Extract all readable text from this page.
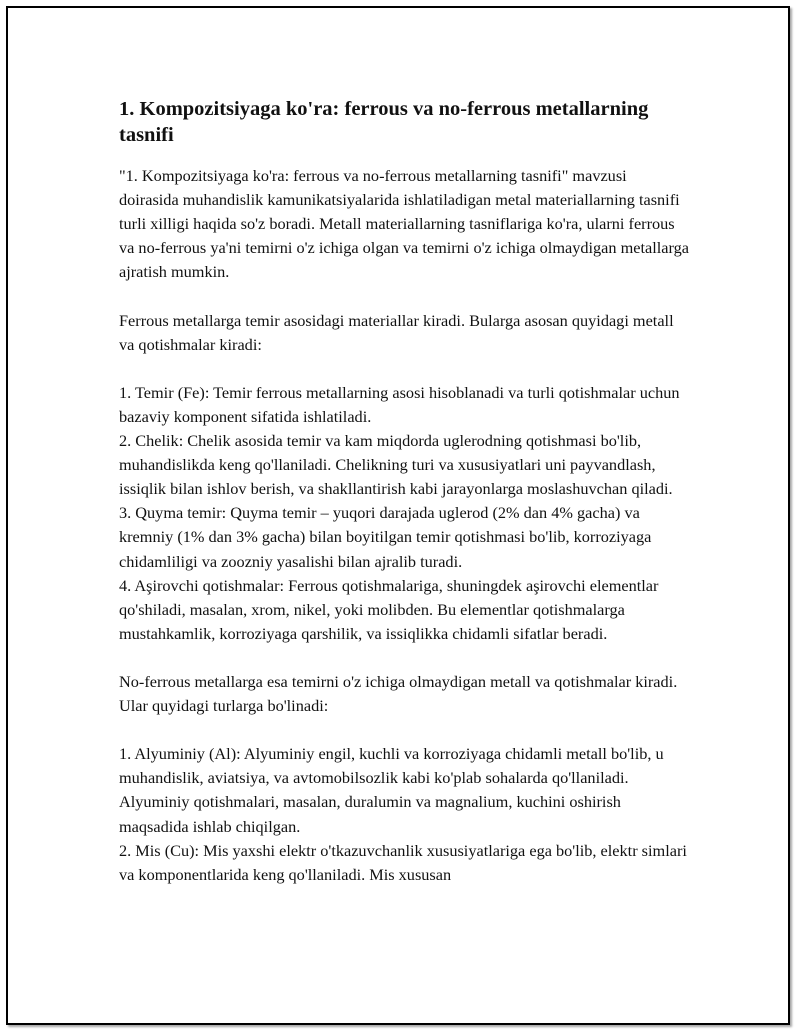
1. Kompozitsiyaga ko'ra: ferrous va no-ferrous metallarning tasnifi

"1. Kompozitsiyaga ko'ra: ferrous va no-ferrous metallarning tasnifi" mavzusi doirasida muhandislik kamunikatsiyalarida ishlatiladigan metal materiallarning tasnifi turli xilligi haqida so'z boradi. Metall materiallarning tasniflariga ko'ra, ularni ferrous va no-ferrous ya'ni temirni o'z ichiga olgan va temirni o'z ichiga olmaydigan metallarga ajratish mumkin.

Ferrous metallarga temir asosidagi materiallar kiradi. Bularga asosan quyidagi metall va qotishmalar kiradi:

1. Temir (Fe): Temir ferrous metallarning asosi hisoblanadi va turli qotishmalar uchun bazaviy komponent sifatida ishlatiladi.

2. Chelik: Chelik asosida temir va kam miqdorda uglerodning qotishmasi bo'lib, muhandislikda keng qo'llaniladi. Chelikning turi va xususiyatlari uni payvandlash, issiqlik bilan ishlov berish, va shakllantirish kabi jarayonlarga moslashuvchan qiladi.

3. Quyma temir: Quyma temir – yuqori darajada uglerod (2% dan 4% gacha) va kremniy (1% dan 3% gacha) bilan boyitilgan temir qotishmasi bo'lib, korroziyaga chidamliligi va zoozniy yasalishi bilan ajralib turadi.

4. Aşirovchi qotishmalar: Ferrous qotishmalariga, shuningdek aşirovchi elementlar qo'shiladi, masalan, xrom, nikel, yoki molibden. Bu elementlar qotishmalarga mustahkamlik, korroziyaga qarshilik, va issiqlikka chidamli sifatlar beradi.

No-ferrous metallarga esa temirni o'z ichiga olmaydigan metall va qotishmalar kiradi. Ular quyidagi turlarga bo'linadi:

1. Alyuminiy (Al): Alyuminiy engil, kuchli va korroziyaga chidamli metall bo'lib, u muhandislik, aviatsiya, va avtomobilsozlik kabi ko'plab sohalarda qo'llaniladi. Alyuminiy qotishmalari, masalan, duralumin va magnalium, kuchini oshirish maqsadida ishlab chiqilgan.

2. Mis (Cu): Mis yaxshi elektr o'tkazuvchanlik xususiyatlariga ega bo'lib, elektr simlari va komponentlarida keng qo'llaniladi. Mis xususan
